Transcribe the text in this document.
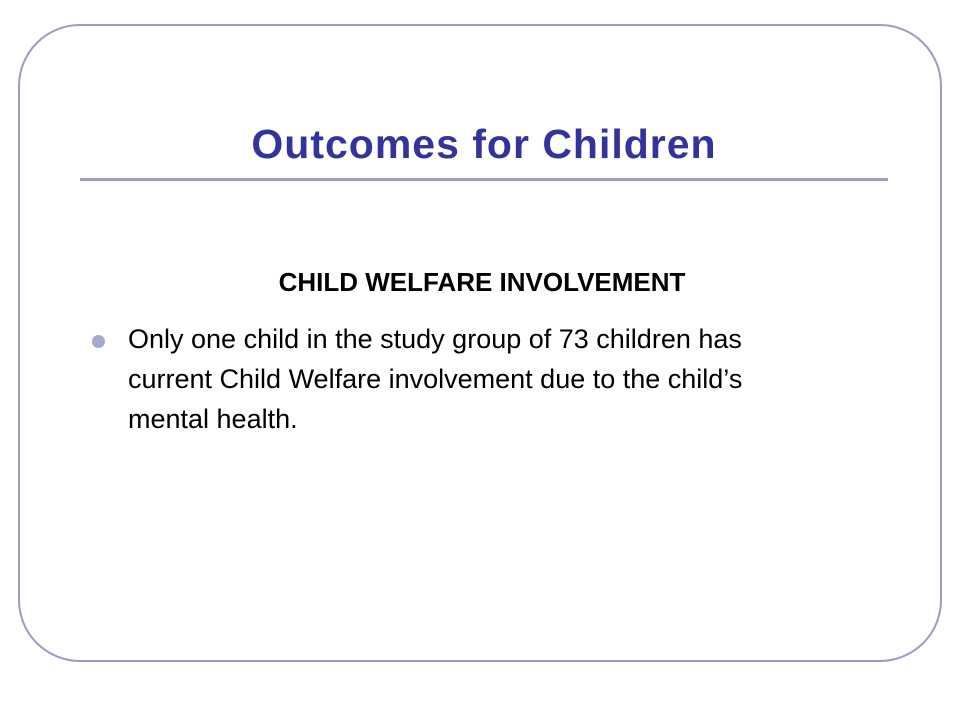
Outcomes for Children
CHILD WELFARE INVOLVEMENT
Only one child in the study group of 73 children has current Child Welfare involvement due to the child’s mental health.
